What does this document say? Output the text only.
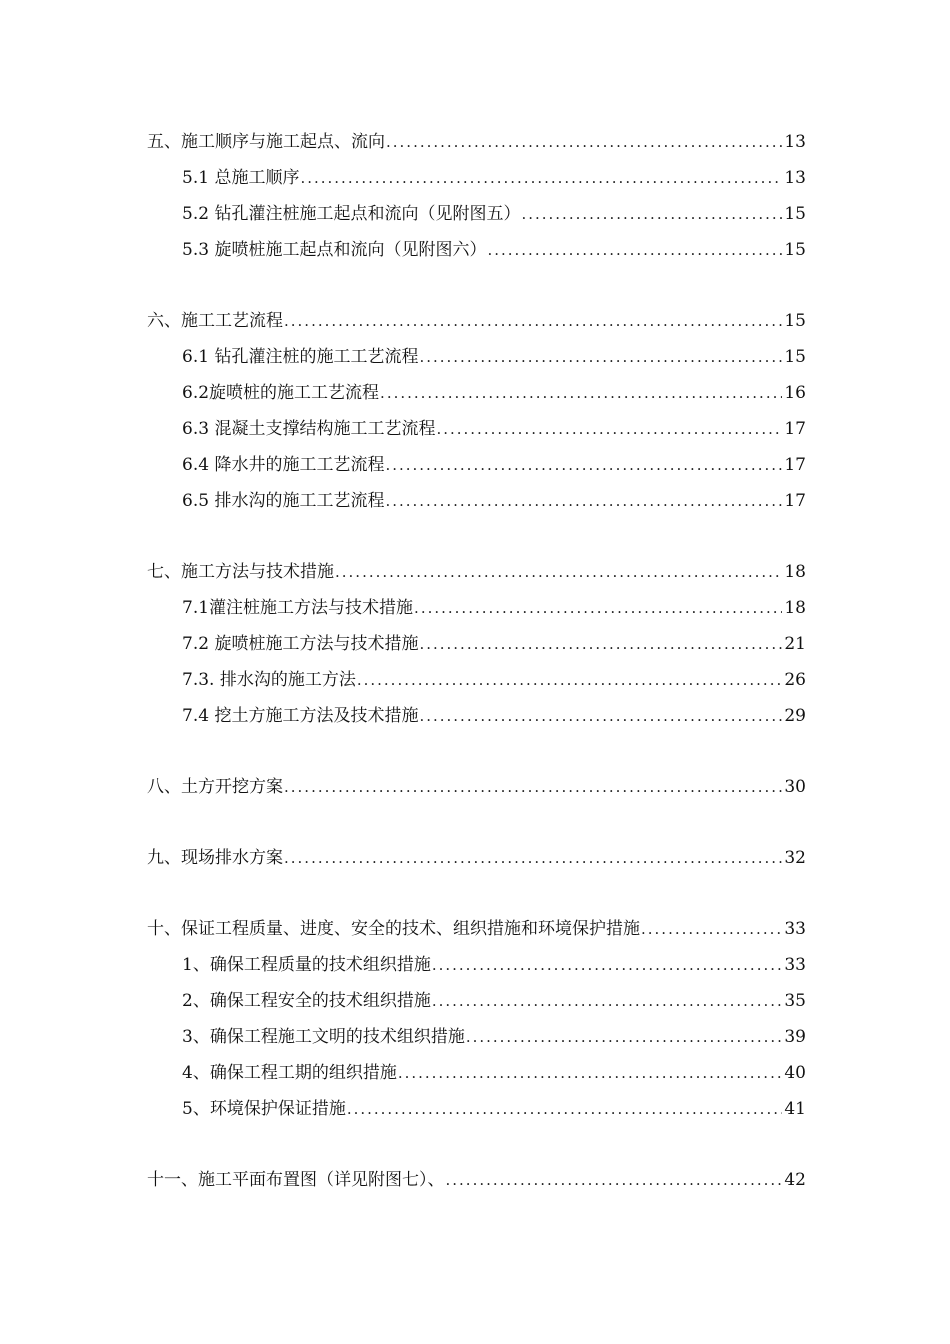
五、施工顺序与施工起点、流向 .....	13
5.1 总施工顺序 .....	13
5.2 钻孔灌注桩施工起点和流向（见附图五） .....	15
5.3 旋喷桩施工起点和流向（见附图六） .....	15
六、施工工艺流程 .....	15
6.1 钻孔灌注桩的施工工艺流程 .....	15
6.2旋喷桩的施工工艺流程 .....	16
6.3 混凝土支撑结构施工工艺流程 .....	17
6.4 降水井的施工工艺流程 .....	17
6.5 排水沟的施工工艺流程 .....	17
七、施工方法与技术措施 .....	18
7.1灌注桩施工方法与技术措施 .....	18
7.2 旋喷桩施工方法与技术措施 .....	21
7.3. 排水沟的施工方法 .....	26
7.4 挖土方施工方法及技术措施 .....	29
八、土方开挖方案 .....	30
九、现场排水方案 .....	32
十、保证工程质量、进度、安全的技术、组织措施和环境保护措施 .....	33
1、确保工程质量的技术组织措施 .....	33
2、确保工程安全的技术组织措施 .....	35
3、确保工程施工文明的技术组织措施 .....	39
4、确保工程工期的组织措施 .....	40
5、环境保护保证措施 .....	41
十一、施工平面布置图（详见附图七）、 .....	42
